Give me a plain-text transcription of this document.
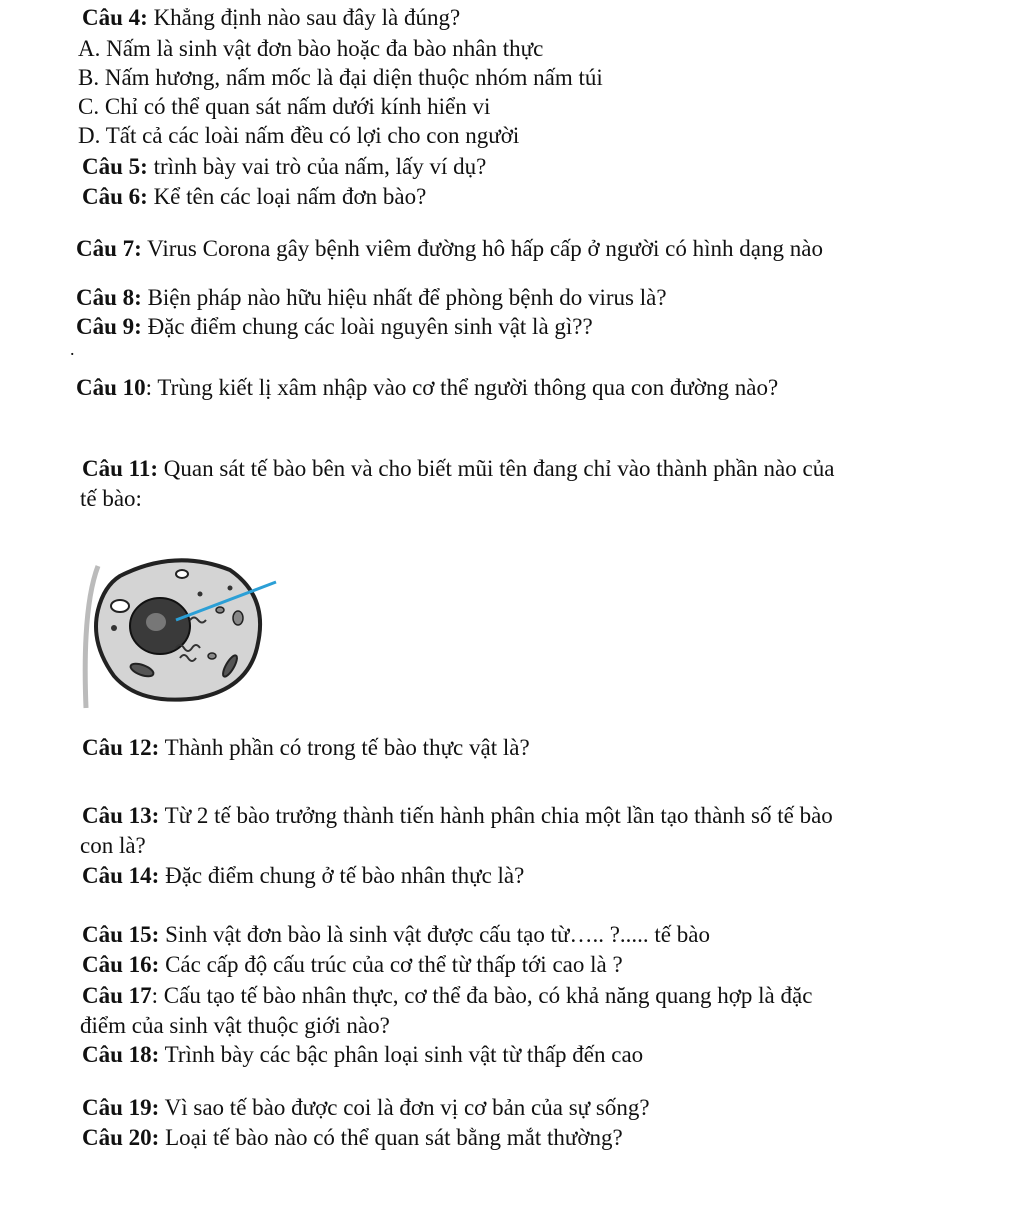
Câu 4: Khẳng định nào sau đây là đúng?
A. Nấm là sinh vật đơn bào hoặc đa bào nhân thực
B. Nấm hương, nấm mốc là đại diện thuộc nhóm nấm túi
C. Chỉ có thể quan sát nấm dưới kính hiển vi
D. Tất cả các loài nấm đều có lợi cho con người
Câu 5: trình bày vai trò của nấm, lấy ví dụ?
Câu 6: Kể tên các loại nấm đơn bào?
Câu 7: Virus Corona gây bệnh viêm đường hô hấp cấp ở người có hình dạng nào
Câu 8: Biện pháp nào hữu hiệu nhất để phòng bệnh do virus là?
Câu 9: Đặc điểm chung các loài nguyên sinh vật là gì??
.
Câu 10: Trùng kiết lị xâm nhập vào cơ thể người thông qua con đường nào?
Câu 11: Quan sát tế bào bên và cho biết mũi tên đang chỉ vào thành phần nào của
tế bào:
Câu 12: Thành phần có trong tế bào thực vật là?
Câu 13: Từ 2 tế bào trưởng thành tiến hành phân chia một lần tạo thành số tế bào
con là?
Câu 14: Đặc điểm chung ở tế bào nhân thực là?
Câu 15: Sinh vật đơn bào là sinh vật được cấu tạo từ….. ?..... tế bào
Câu 16: Các cấp độ cấu trúc của cơ thể từ thấp tới cao là ?
Câu 17: Cấu tạo tế bào nhân thực, cơ thể đa bào, có khả năng quang hợp là đặc
điểm của sinh vật thuộc giới nào?
Câu 18: Trình bày các bậc phân loại sinh vật từ thấp đến cao
Câu 19: Vì sao tế bào được coi là đơn vị cơ bản của sự sống?
Câu 20: Loại tế bào nào có thể quan sát bằng mắt thường?
